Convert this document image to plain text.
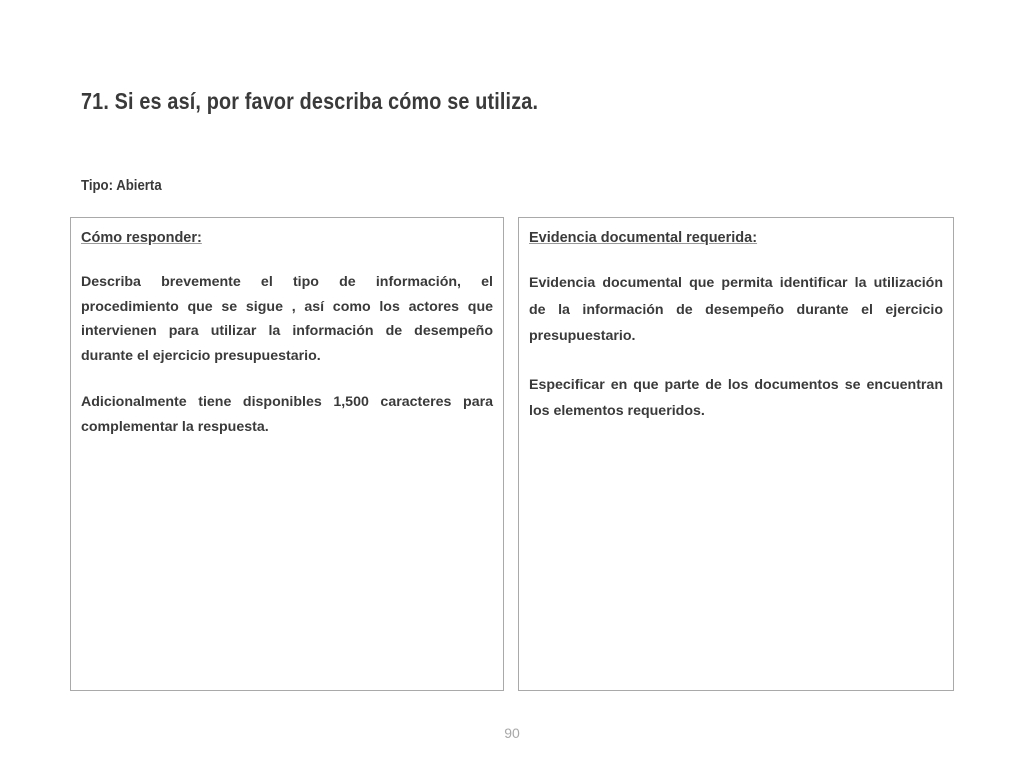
71. Si es así, por favor describa cómo se utiliza.
Tipo: Abierta
Cómo responder:

Describa brevemente el tipo de información, el procedimiento que se sigue , así como los actores que intervienen para utilizar la información de desempeño durante el ejercicio presupuestario.

Adicionalmente tiene disponibles 1,500 caracteres para complementar la respuesta.

Evidencia documental requerida:

Evidencia documental que permita identificar la utilización de la información de desempeño durante el ejercicio presupuestario.

Especificar en que parte de los documentos se encuentran los elementos requeridos.

90
